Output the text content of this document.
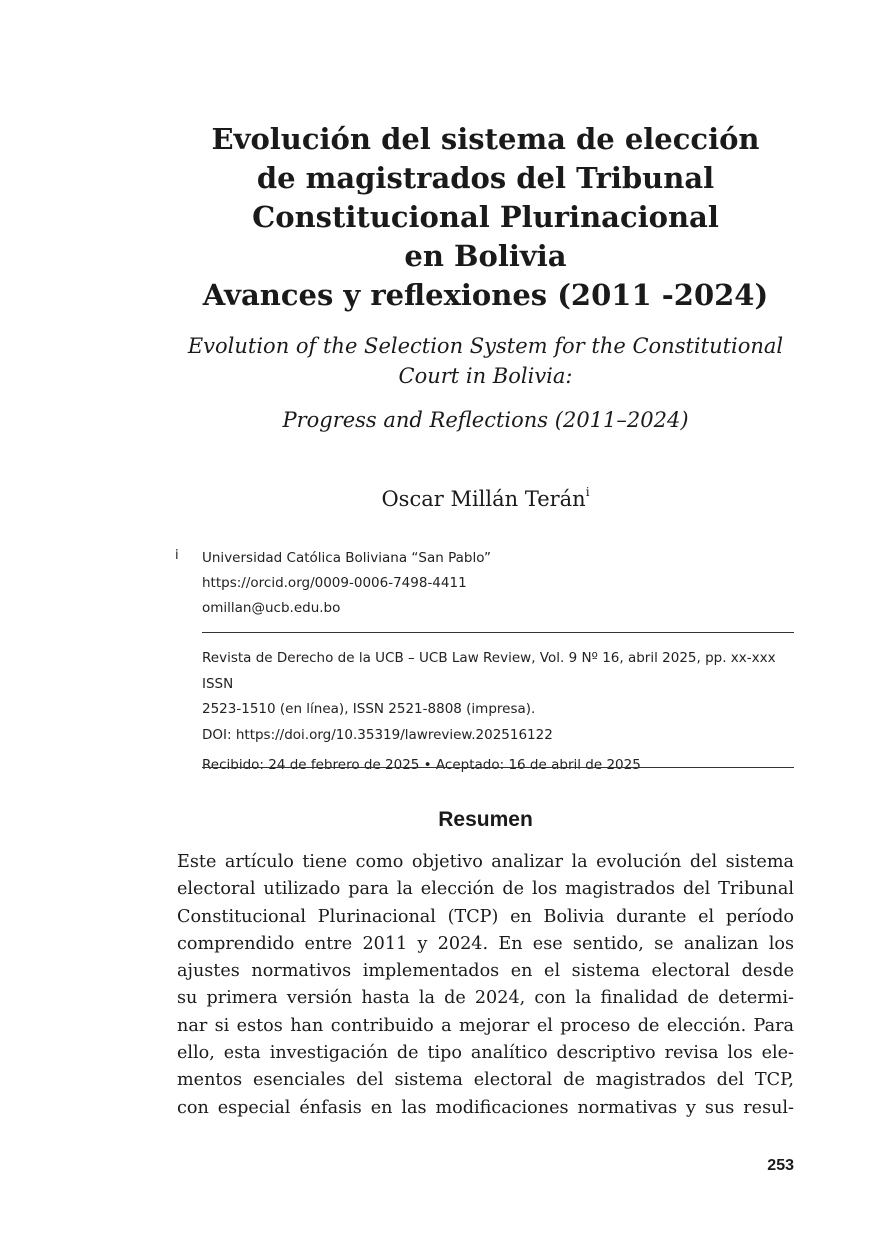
Evolución del sistema de elección
de magistrados del Tribunal
Constitucional Plurinacional
en Bolivia
Avances y reflexiones (2011 -2024)
Evolution of the Selection System for the Constitutional
Court in Bolivia:
Progress and Reflections (2011–2024)
Oscar Millán Terán$^i$
i Universidad Católica Boliviana “San Pablo”
https://orcid.org/0009-0006-7498-4411
omillan@ucb.edu.bo
Revista de Derecho de la UCB – UCB Law Review, Vol. 9 Nº 16, abril 2025, pp. xx-xxx ISSN
2523-1510 (en línea), ISSN 2521-8808 (impresa).
DOI: https://doi.org/10.35319/lawreview.202516122
Recibido: 24 de febrero de 2025 • Aceptado: 16 de abril de 2025
Resumen
Este artículo tiene como objetivo analizar la evolución del sistema
electoral utilizado para la elección de los magistrados del Tribunal
Constitucional Plurinacional (TCP) en Bolivia durante el período
comprendido entre 2011 y 2024. En ese sentido, se analizan los
ajustes normativos implementados en el sistema electoral desde
su primera versión hasta la de 2024, con la finalidad de determi-
nar si estos han contribuido a mejorar el proceso de elección. Para
ello, esta investigación de tipo analítico descriptivo revisa los ele-
mentos esenciales del sistema electoral de magistrados del TCP,
con especial énfasis en las modificaciones normativas y sus resul-
253
